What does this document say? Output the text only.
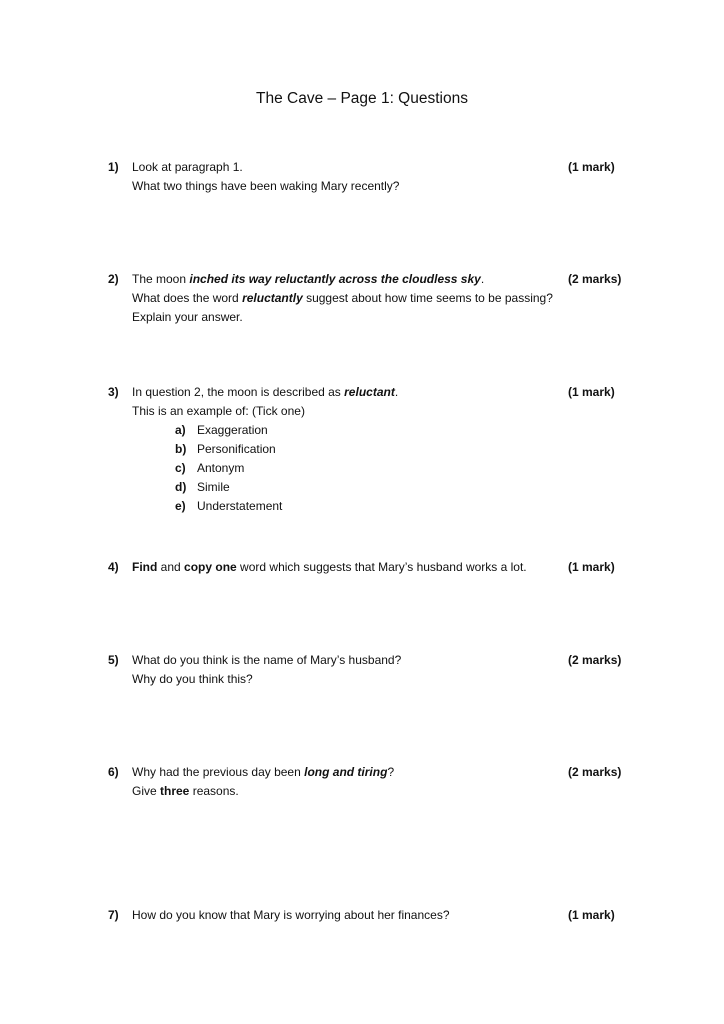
The Cave – Page 1: Questions
1) Look at paragraph 1.	(1 mark)
What two things have been waking Mary recently?
2) The moon inched its way reluctantly across the cloudless sky.	(2 marks)
What does the word reluctantly suggest about how time seems to be passing?
Explain your answer.
3) In question 2, the moon is described as reluctant.	(1 mark)
This is an example of: (Tick one)
a) Exaggeration
b) Personification
c) Antonym
d) Simile
e) Understatement
4) Find and copy one word which suggests that Mary’s husband works a lot.	(1 mark)
5) What do you think is the name of Mary’s husband?	(2 marks)
Why do you think this?
6) Why had the previous day been long and tiring?	(2 marks)
Give three reasons.
7) How do you know that Mary is worrying about her finances?	(1 mark)
